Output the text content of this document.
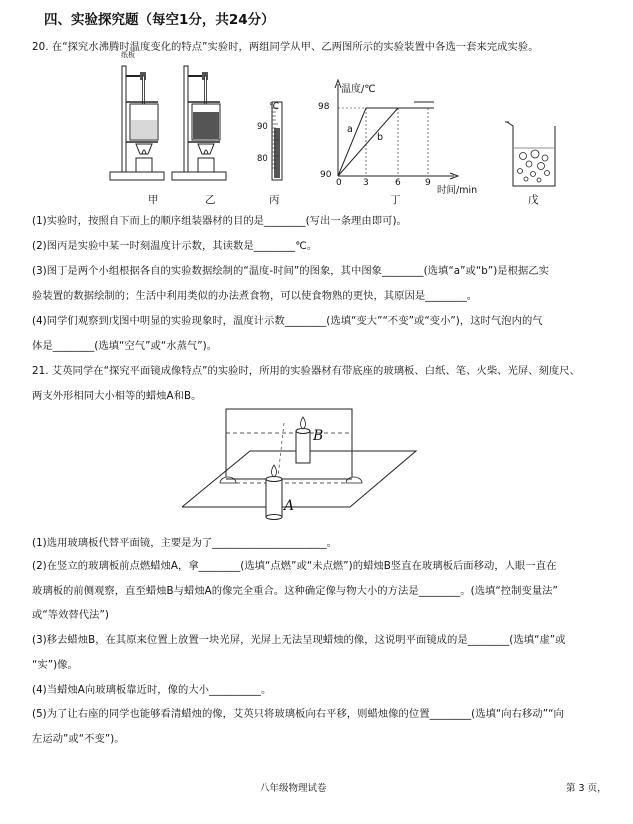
四、实验探究题（每空1分，共24分）
20. 在“探究水沸腾时温度变化的特点”实验时，两组同学从甲、乙两图所示的实验装置中各选一套来完成实验。
纸板
℃
90
80
温度/℃
98
90
0 3	6	9
时间/min
a
b
甲	乙	丙	丁	戊
(1)实验时，按照自下而上的顺序组装器材的目的是________(写出一条理由即可)。
(2)图丙是实验中某一时刻温度计示数，其读数是________℃。
(3)图丁是两个小组根据各自的实验数据绘制的“温度-时间”的图象，其中图象________(选填“a”或“b”)是根据乙实
验装置的数据绘制的；生活中利用类似的办法煮食物，可以使食物熟的更快，其原因是________。
(4)同学们观察到戊图中明显的实验现象时，温度计示数________(选填“变大”“不变”或“变小”)，这时气泡内的气
体是________(选填“空气”或“水蒸气”)。
21. 艾英同学在“探究平面镜成像特点”的实验时，所用的实验器材有带底座的玻璃板、白纸、笔、火柴、光屏、刻度尺、
两支外形相同大小相等的蜡烛A和B。
B
A
(1)选用玻璃板代替平面镜，主要是为了______________________。
(2)在竖立的玻璃板前点燃蜡烛A，拿________(选填“点燃”或“未点燃”)的蜡烛B竖直在玻璃板后面移动，人眼一直在
玻璃板的前侧观察，直至蜡烛B与蜡烛A的像完全重合。这种确定像与物大小的方法是________。(选填“控制变量法”
或“等效替代法”)
(3)移去蜡烛B，在其原来位置上放置一块光屏，光屏上无法呈现蜡烛的像，这说明平面镜成的是________(选填“虚”或
“实”)像。
(4)当蜡烛A向玻璃板靠近时，像的大小__________。
(5)为了让右座的同学也能够看清蜡烛的像，艾英只将玻璃板向右平移，则蜡烛像的位置________(选填“向右移动”“向
左运动”或“不变”)。
八年级物理试卷	第 3 页，
